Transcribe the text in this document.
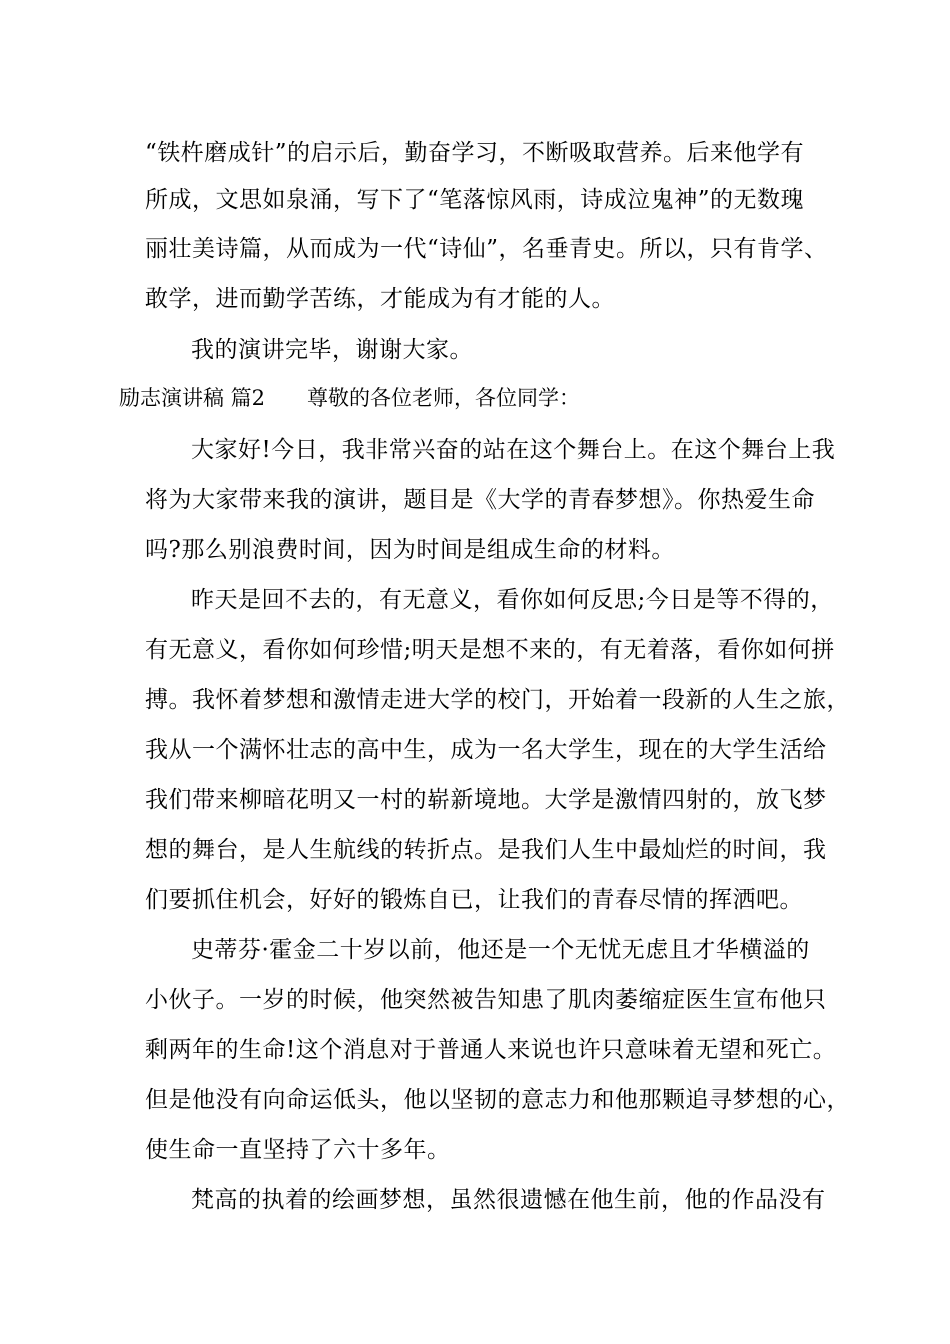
“铁杵磨成针”的启示后，勤奋学习，不断吸取营养。后来他学有
所成，文思如泉涌，写下了“笔落惊风雨，诗成泣鬼神”的无数瑰
丽壮美诗篇，从而成为一代“诗仙”，名垂青史。所以，只有肯学、
敢学，进而勤学苦练，才能成为有才能的人。
我的演讲完毕，谢谢大家。
励志演讲稿 篇2 尊敬的各位老师，各位同学：
大家好!今日，我非常兴奋的站在这个舞台上。在这个舞台上我
将为大家带来我的演讲，题目是《大学的青春梦想》。你热爱生命
吗?那么别浪费时间，因为时间是组成生命的材料。
昨天是回不去的，有无意义，看你如何反思;今日是等不得的，
有无意义，看你如何珍惜;明天是想不来的，有无着落，看你如何拼
搏。我怀着梦想和激情走进大学的校门，开始着一段新的人生之旅，
我从一个满怀壮志的高中生，成为一名大学生，现在的大学生活给
我们带来柳暗花明又一村的崭新境地。大学是激情四射的，放飞梦
想的舞台，是人生航线的转折点。是我们人生中最灿烂的时间，我
们要抓住机会，好好的锻炼自已，让我们的青春尽情的挥洒吧。
史蒂芬·霍金二十岁以前，他还是一个无忧无虑且才华横溢的
小伙子。一岁的时候，他突然被告知患了肌肉萎缩症医生宣布他只
剩两年的生命!这个消息对于普通人来说也许只意味着无望和死亡。
但是他没有向命运低头，他以坚韧的意志力和他那颗追寻梦想的心，
使生命一直坚持了六十多年。
梵高的执着的绘画梦想，虽然很遗憾在他生前，他的作品没有
